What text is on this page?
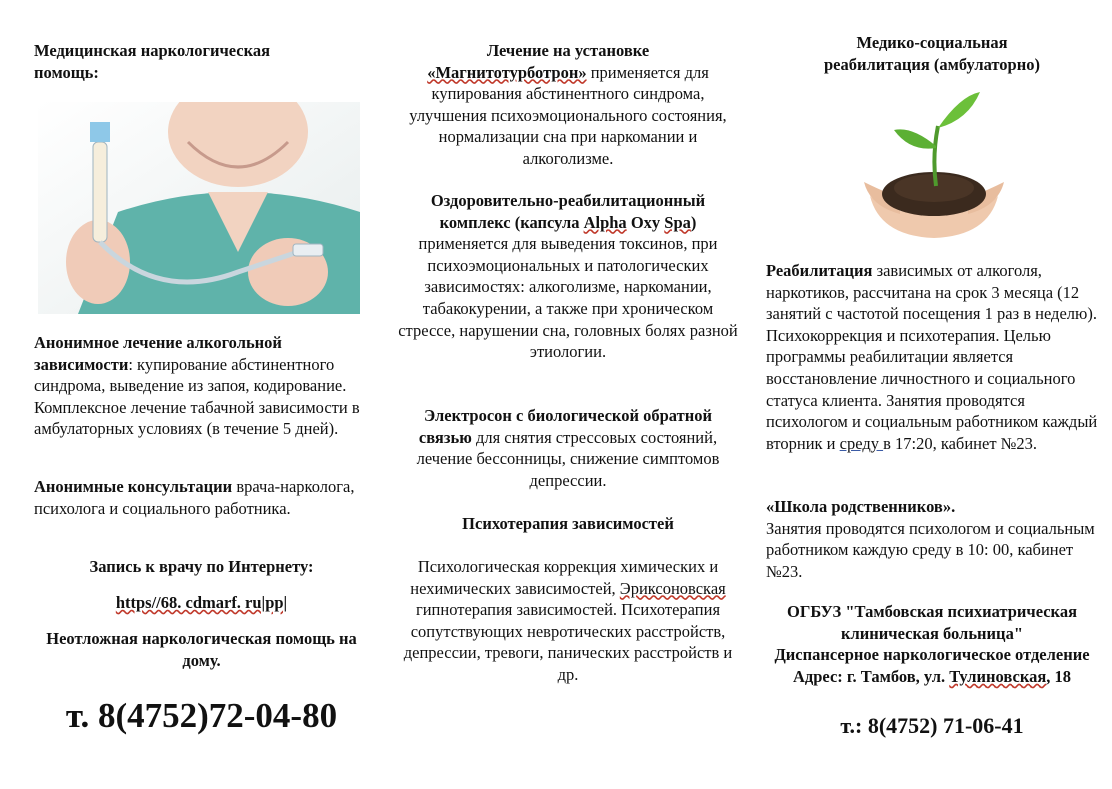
Медицинская наркологическая помощь:

Анонимное лечение алкогольной зависимости: купирование абстинентного синдрома, выведение из запоя, кодирование. Комплексное лечение табачной зависимости в амбулаторных условиях (в течение 5 дней).

Анонимные консультации врача-нарколога, психолога и социального работника.

Запись к врачу по Интернету:

https//68. cdmarf. ru|pp|

Неотложная наркологическая помощь на дому.

т. 8(4752)72-04-80

Лечение на установке
«Магнитотурботрон» применяется для купирования абстинентного синдрома, улучшения психоэмоционального состояния, нормализации сна при наркомании и алкоголизме.

Оздоровительно-реабилитационный комплекс (капсула Alpha Oxy Spa) применяется для выведения токсинов, при психоэмоциональных и патологических зависимостях: алкоголизме, наркомании, табакокурении, а также при хроническом стрессе, нарушении сна, головных болях разной этиологии.

Электросон с биологической обратной связью для снятия стрессовых состояний, лечение бессонницы, снижение симптомов депрессии.

Психотерапия зависимостей

Психологическая коррекция химических и нехимических зависимостей, Эриксоновская гипнотерапия зависимостей. Психотерапия сопутствующих невротических расстройств, депрессии, тревоги, панических расстройств и др.

Медико-социальная
реабилитация (амбулаторно)

Реабилитация зависимых от алкоголя, наркотиков, рассчитана на срок 3 месяца (12 занятий с частотой посещения 1 раз в неделю). Психокоррекция и психотерапия. Целью программы реабилитации является восстановление личностного и социального статуса клиента. Занятия проводятся психологом и социальным работником каждый вторник и среду в 17:20, кабинет №23.

«Школа родственников».
Занятия проводятся психологом и социальным работником каждую среду в 10: 00, кабинет №23.

ОГБУЗ "Тамбовская психиатрическая клиническая больница"
Диспансерное наркологическое отделение
Адрес: г. Тамбов, ул. Тулиновская, 18

т.: 8(4752) 71-06-41
